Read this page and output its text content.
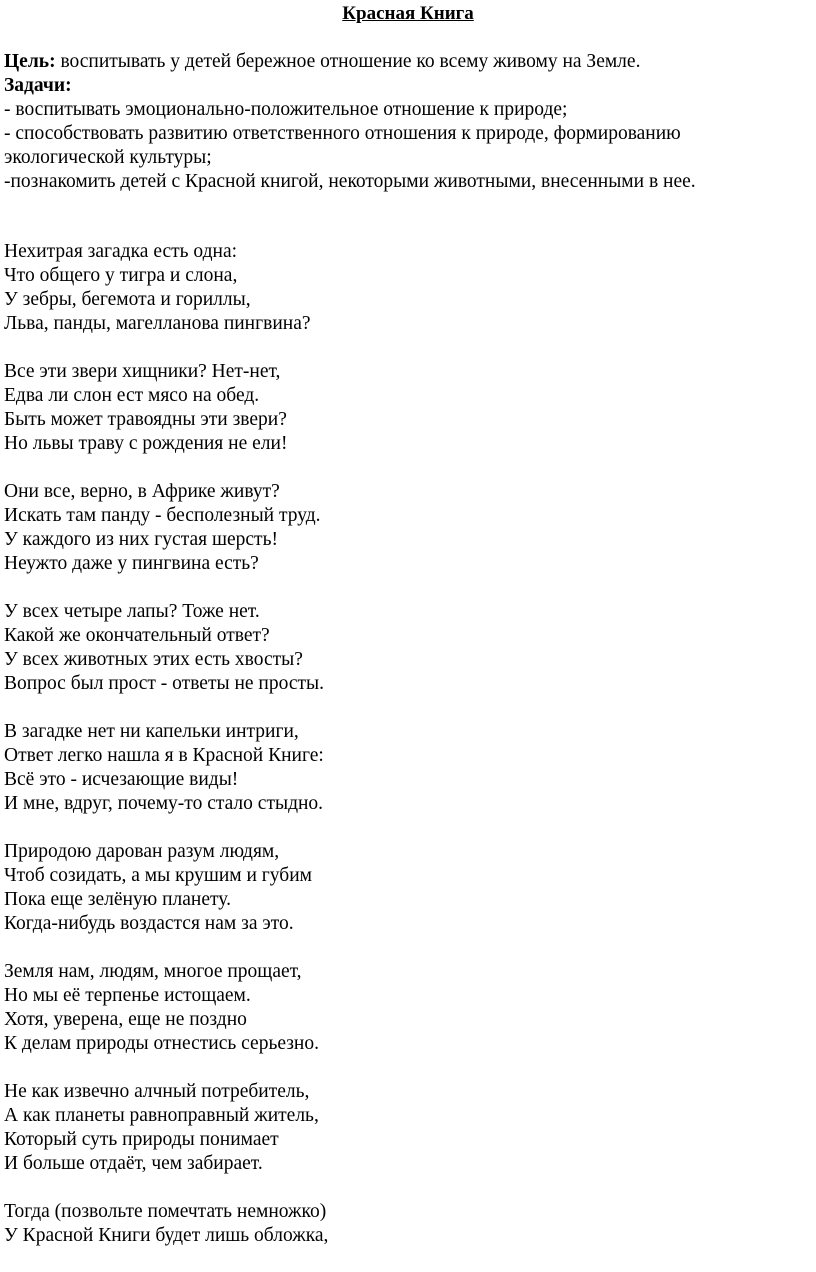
Красная Книга
Цель: воспитывать у детей бережное отношение ко всему живому на Земле.
Задачи:
- воспитывать эмоционально-положительное отношение к природе;
- способствовать развитию ответственного отношения к природе, формированию
экологической культуры;
-познакомить детей с Красной книгой, некоторыми животными, внесенными в нее.
Нехитрая загадка есть одна:
Что общего у тигра и слона,
У зебры, бегемота и гориллы,
Льва, панды, магелланова пингвина?
Все эти звери хищники? Нет-нет,
Едва ли слон ест мясо на обед.
Быть может травоядны эти звери?
Но львы траву с рождения не ели!
Они все, верно, в Африке живут?
Искать там панду - бесполезный труд.
У каждого из них густая шерсть!
Неужто даже у пингвина есть?
У всех четыре лапы? Тоже нет.
Какой же окончательный ответ?
У всех животных этих есть хвосты?
Вопрос был прост - ответы не просты.
В загадке нет ни капельки интриги,
Ответ легко нашла я в Красной Книге:
Всё это - исчезающие виды!
И мне, вдруг, почему-то стало стыдно.
Природою дарован разум людям,
Чтоб созидать, а мы крушим и губим
Пока еще зелёную планету.
Когда-нибудь воздастся нам за это.
Земля нам, людям, многое прощает,
Но мы её терпенье истощаем.
Хотя, уверена, еще не поздно
К делам природы отнестись серьезно.
Не как извечно алчный потребитель,
А как планеты равноправный житель,
Который суть природы понимает
И больше отдаёт, чем забирает.
Тогда (позвольте помечтать немножко)
У Красной Книги будет лишь обложка,
